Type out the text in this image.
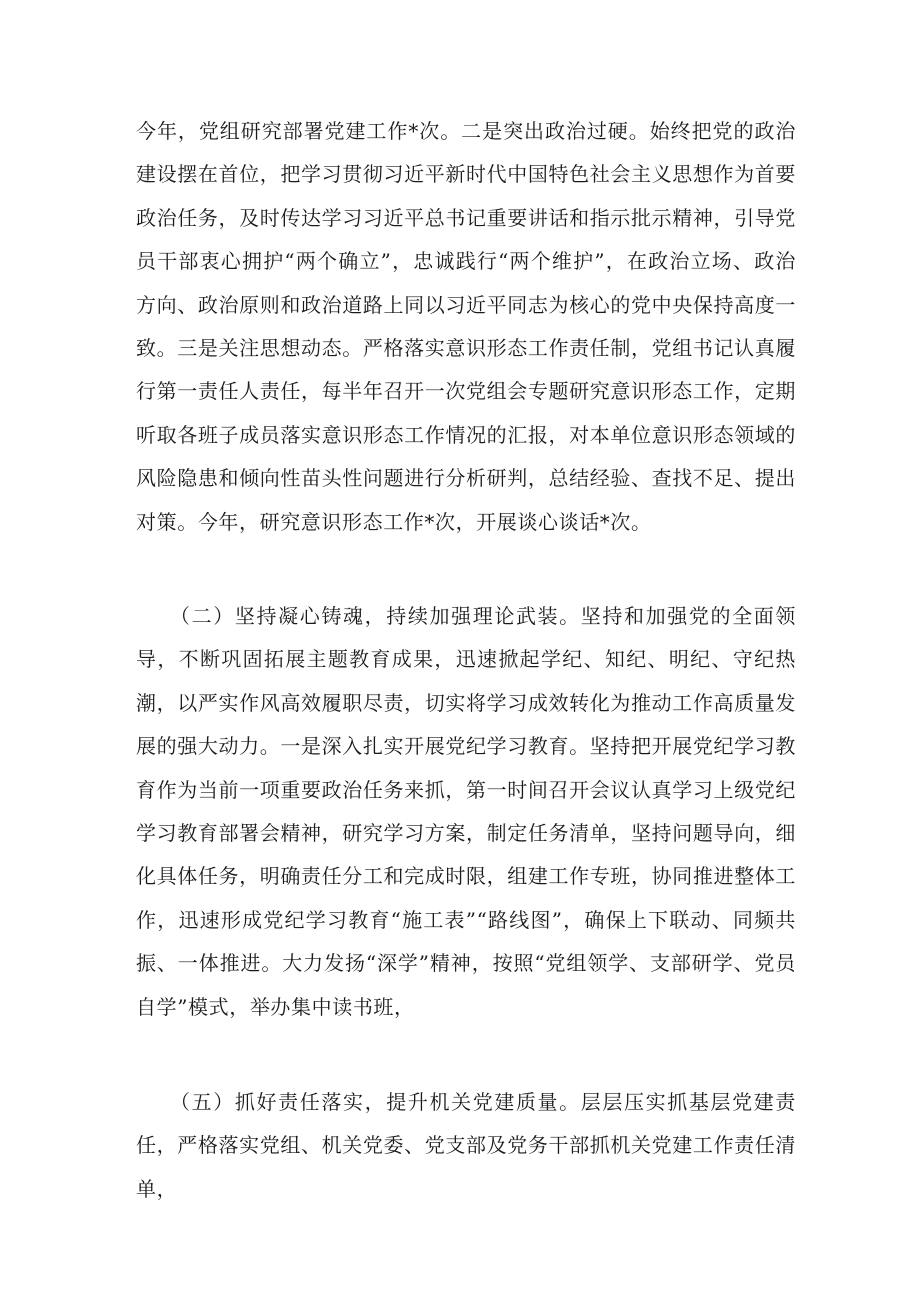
今年，党组研究部署党建工作*次。二是突出政治过硬。始终把党的政治建设摆在首位，把学习贯彻习近平新时代中国特色社会主义思想作为首要政治任务，及时传达学习习近平总书记重要讲话和指示批示精神，引导党员干部衷心拥护“两个确立”，忠诚践行“两个维护”，在政治立场、政治方向、政治原则和政治道路上同以习近平同志为核心的党中央保持高度一致。三是关注思想动态。严格落实意识形态工作责任制，党组书记认真履行第一责任人责任，每半年召开一次党组会专题研究意识形态工作，定期听取各班子成员落实意识形态工作情况的汇报，对本单位意识形态领域的风险隐患和倾向性苗头性问题进行分析研判，总结经验、查找不足、提出对策。今年，研究意识形态工作*次，开展谈心谈话*次。

（二）坚持凝心铸魂，持续加强理论武装。坚持和加强党的全面领导，不断巩固拓展主题教育成果，迅速掀起学纪、知纪、明纪、守纪热潮，以严实作风高效履职尽责，切实将学习成效转化为推动工作高质量发展的强大动力。一是深入扎实开展党纪学习教育。坚持把开展党纪学习教育作为当前一项重要政治任务来抓，第一时间召开会议认真学习上级党纪学习教育部署会精神，研究学习方案，制定任务清单，坚持问题导向，细化具体任务，明确责任分工和完成时限，组建工作专班，协同推进整体工作，迅速形成党纪学习教育“施工表”“路线图”，确保上下联动、同频共振、一体推进。大力发扬“深学”精神，按照“党组领学、支部研学、党员自学”模式，举办集中读书班，

（五）抓好责任落实，提升机关党建质量。层层压实抓基层党建责任，严格落实党组、机关党委、党支部及党务干部抓机关党建工作责任清单，
